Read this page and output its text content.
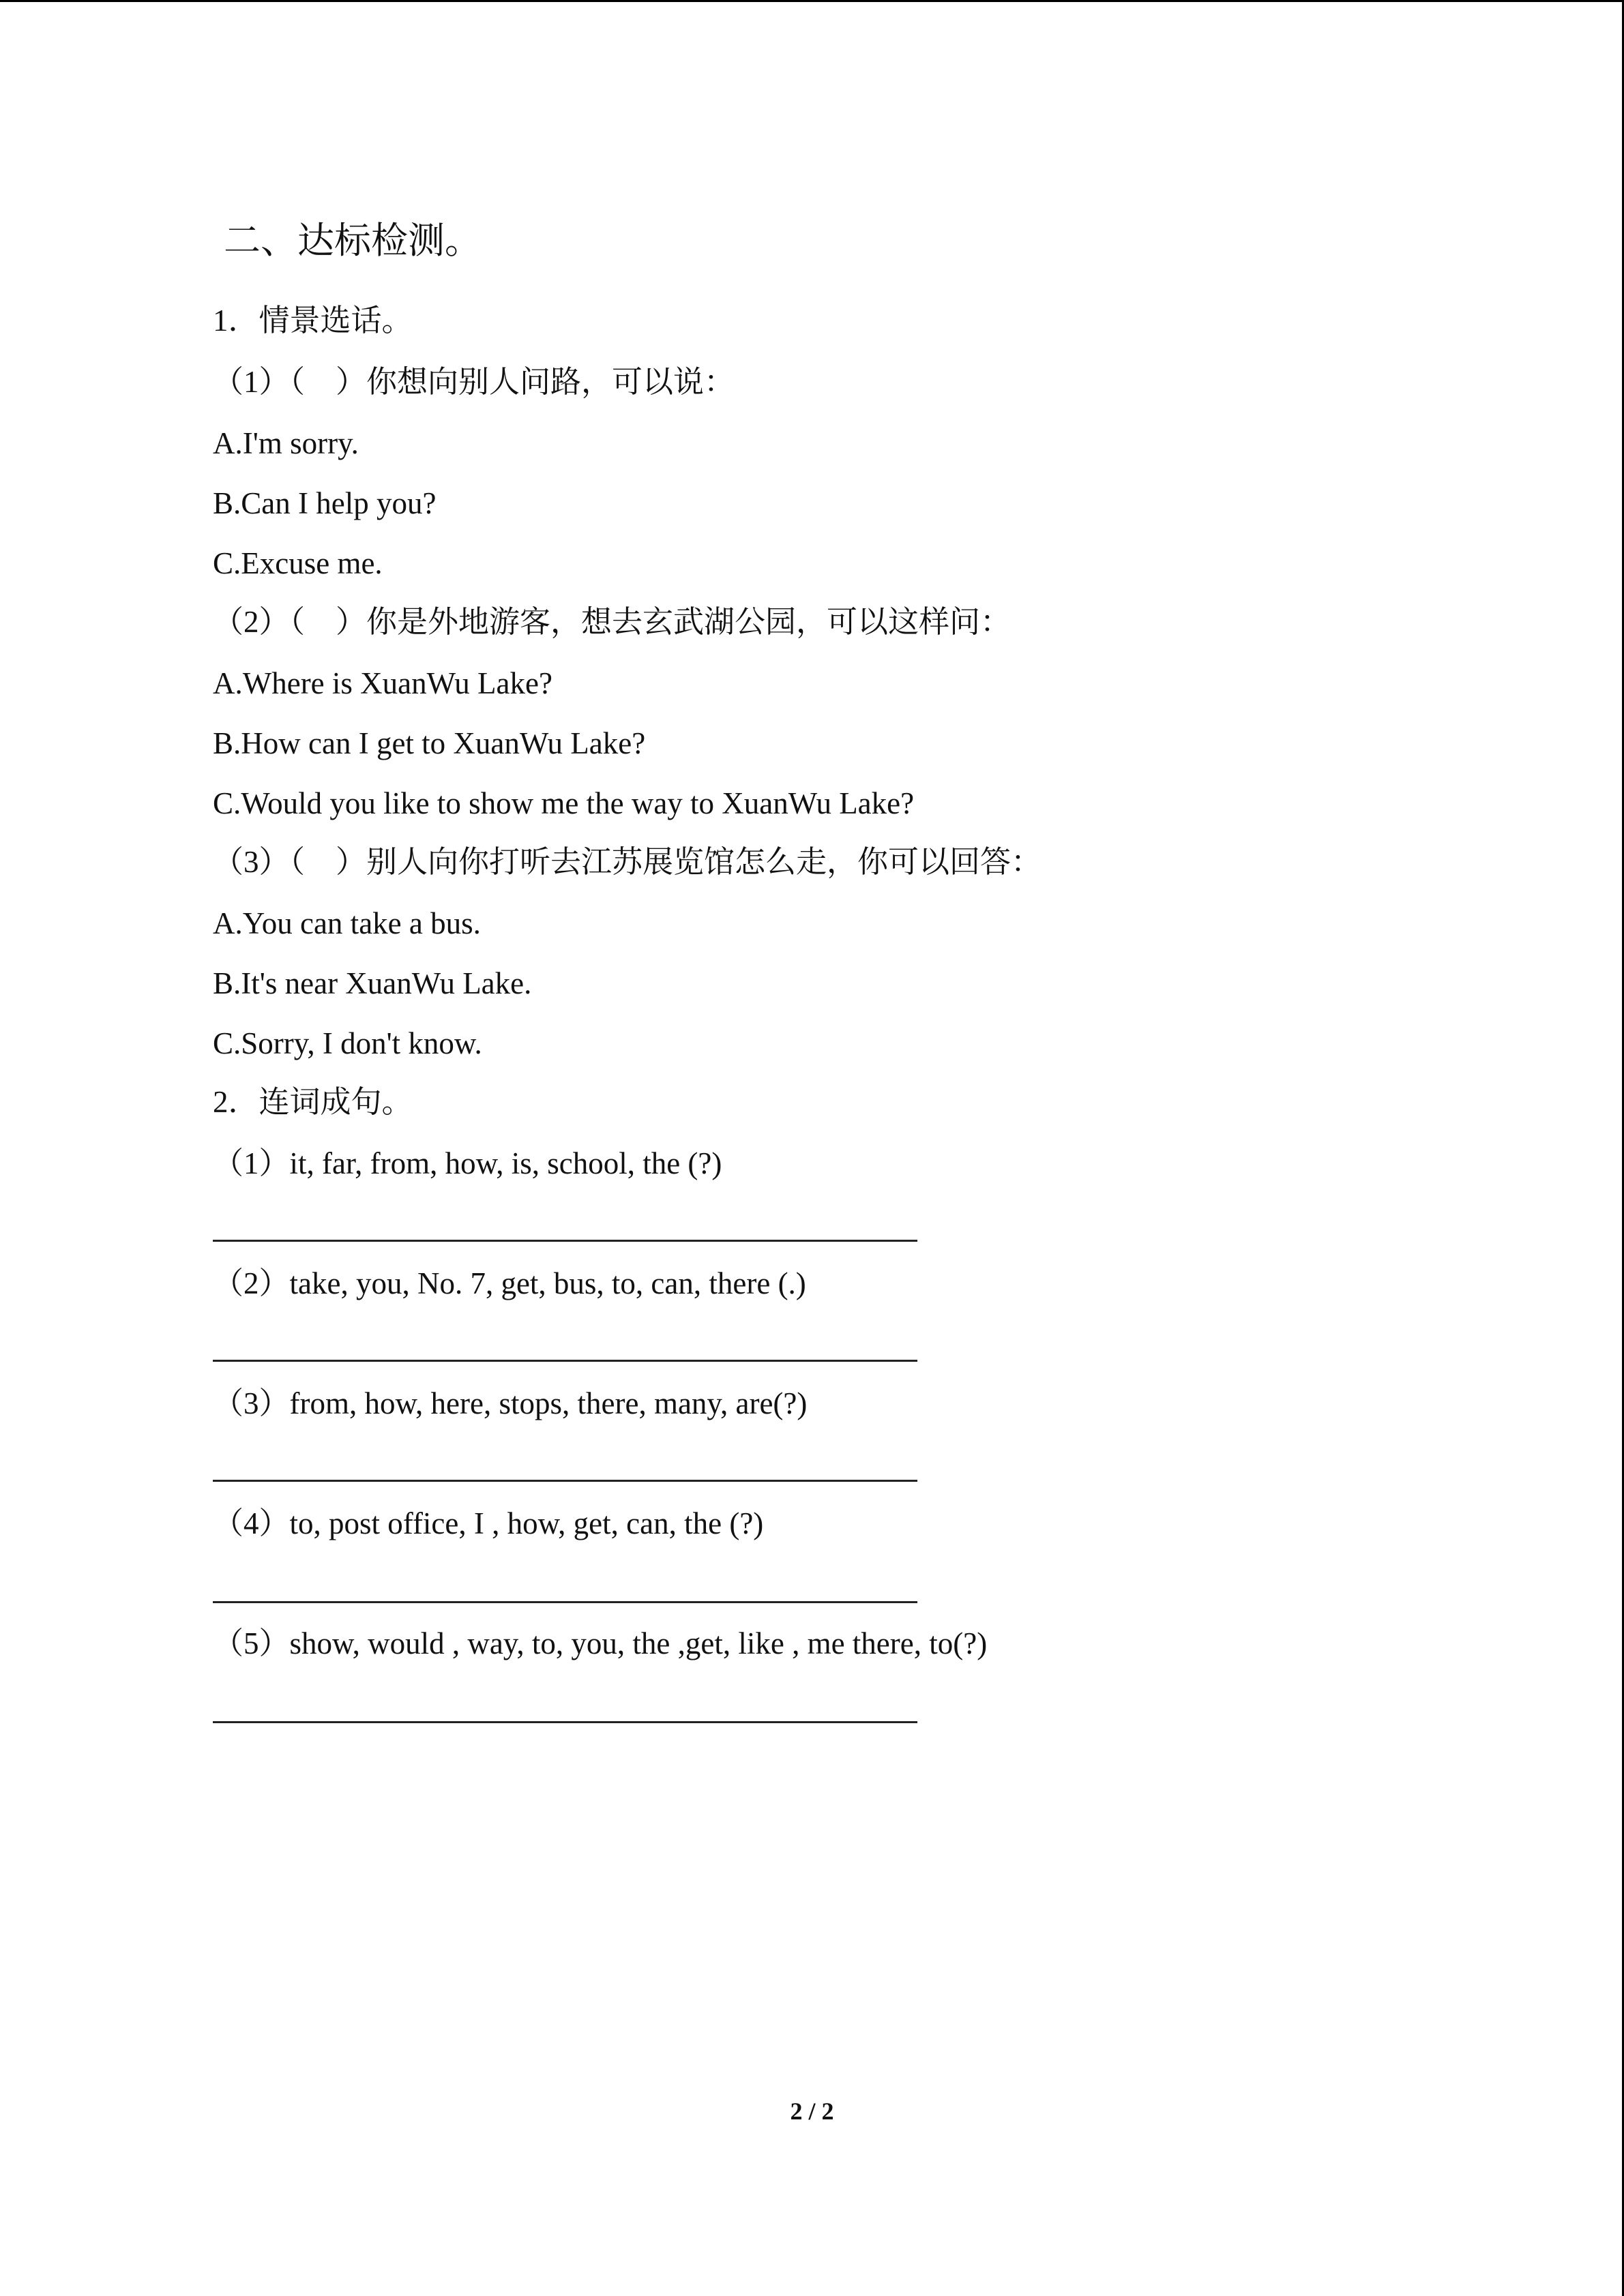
二、达标检测。
1．情景选话。
（1）（    ）你想向别人问路，可以说：
A.I'm sorry.
B.Can I help you?
C.Excuse me.
（2）（    ）你是外地游客，想去玄武湖公园，可以这样问：
A.Where is XuanWu Lake?
B.How can I get to XuanWu Lake?
C.Would you like to show me the way to XuanWu Lake?
（3）（    ）别人向你打听去江苏展览馆怎么走，你可以回答：
A.You can take a bus.
B.It's near XuanWu Lake.
C.Sorry, I don't know.
2．连词成句。
（1）it, far, from, how, is, school, the (?)
（2）take, you, No. 7, get, bus, to, can, there (.)
（3）from, how, here, stops, there, many, are(?)
（4）to, post office, I , how, get, can, the (?)
（5）show, would , way, to, you, the ,get, like , me there, to(?)
2 / 2
